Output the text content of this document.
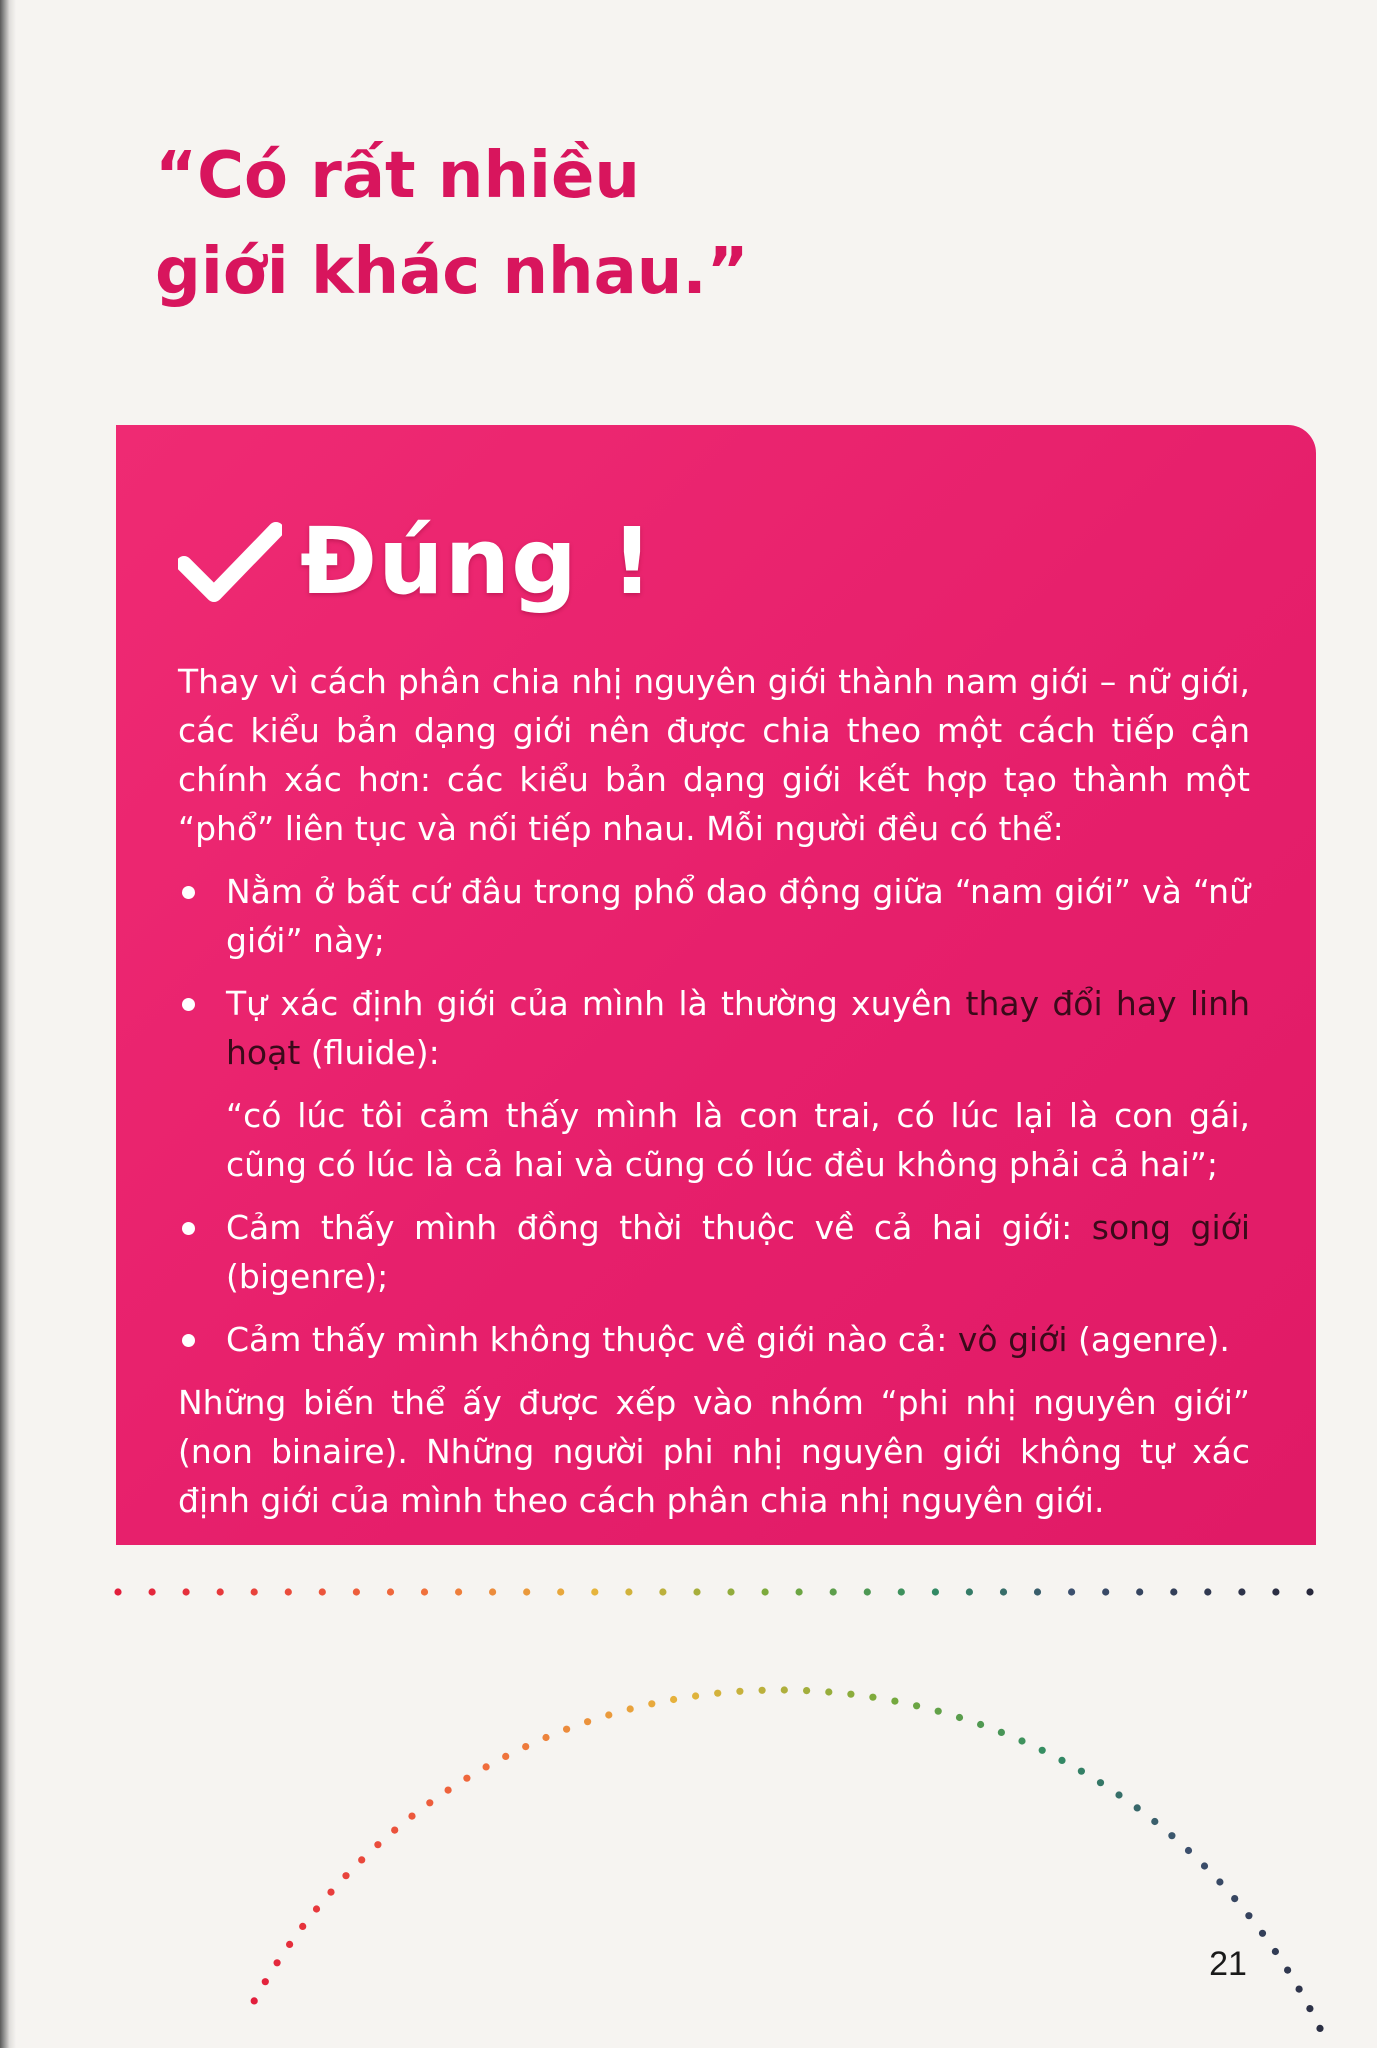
“Có rất nhiều
giới khác nhau.”
Đúng !

Thay vì cách phân chia nhị nguyên giới thành nam giới – nữ giới, các kiểu bản dạng giới nên được chia theo một cách tiếp cận chính xác hơn: các kiểu bản dạng giới kết hợp tạo thành một “phổ” liên tục và nối tiếp nhau. Mỗi người đều có thể:

Nằm ở bất cứ đâu trong phổ dao động giữa “nam giới” và “nữ giới” này;
Tự xác định giới của mình là thường xuyên thay đổi hay linh hoạt (fluide):
“có lúc tôi cảm thấy mình là con trai, có lúc lại là con gái, cũng có lúc là cả hai và cũng có lúc đều không phải cả hai”;
Cảm thấy mình đồng thời thuộc về cả hai giới: song giới (bigenre);
Cảm thấy mình không thuộc về giới nào cả: vô giới (agenre).

Những biến thể ấy được xếp vào nhóm “phi nhị nguyên giới” (non binaire). Những người phi nhị nguyên giới không tự xác định giới của mình theo cách phân chia nhị nguyên giới.

21
